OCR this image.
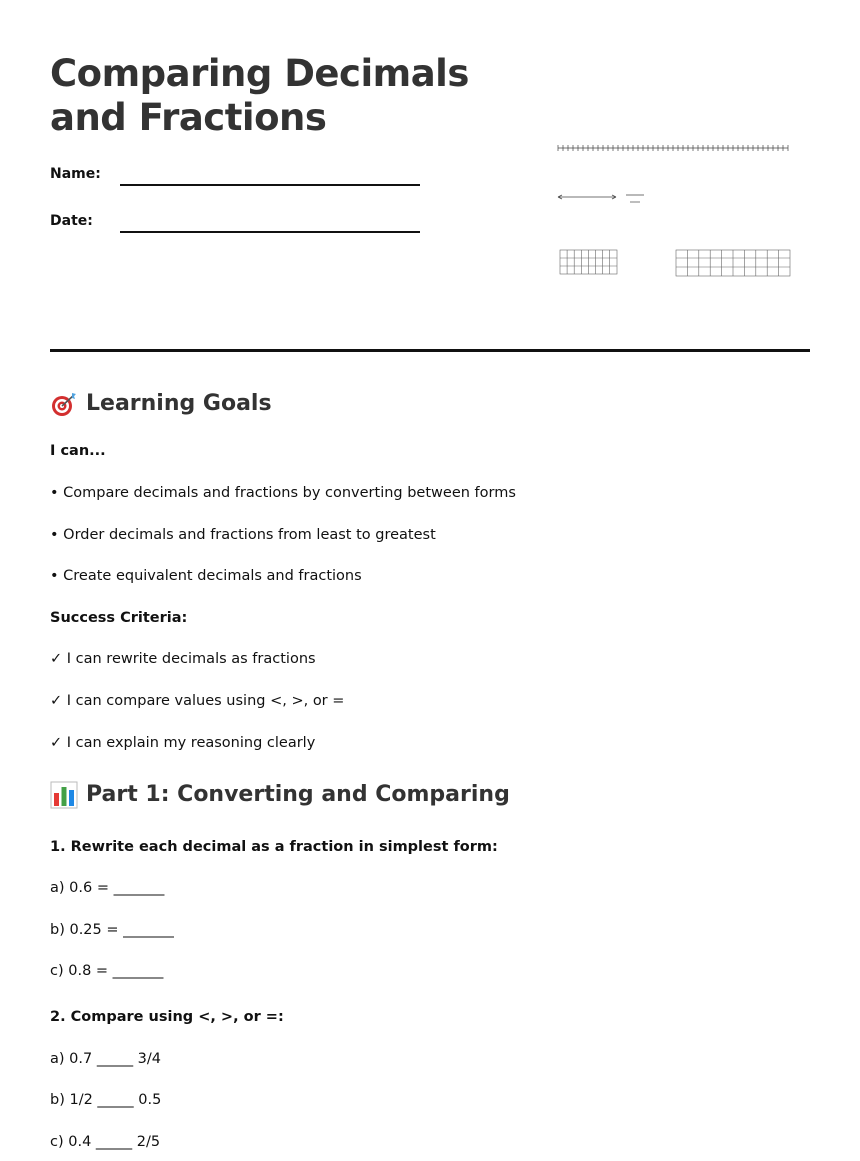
Comparing Decimals
and Fractions
Name:
Date:
Learning Goals
I can...
• Compare decimals and fractions by converting between forms
• Order decimals and fractions from least to greatest
• Create equivalent decimals and fractions
Success Criteria:
✓ I can rewrite decimals as fractions
✓ I can compare values using <, >, or =
✓ I can explain my reasoning clearly
Part 1: Converting and Comparing
1. Rewrite each decimal as a fraction in simplest form:
a) 0.6 = _______
b) 0.25 = _______
c) 0.8 = _______
2. Compare using <, >, or =:
a) 0.7 _____ 3/4
b) 1/2 _____ 0.5
c) 0.4 _____ 2/5
